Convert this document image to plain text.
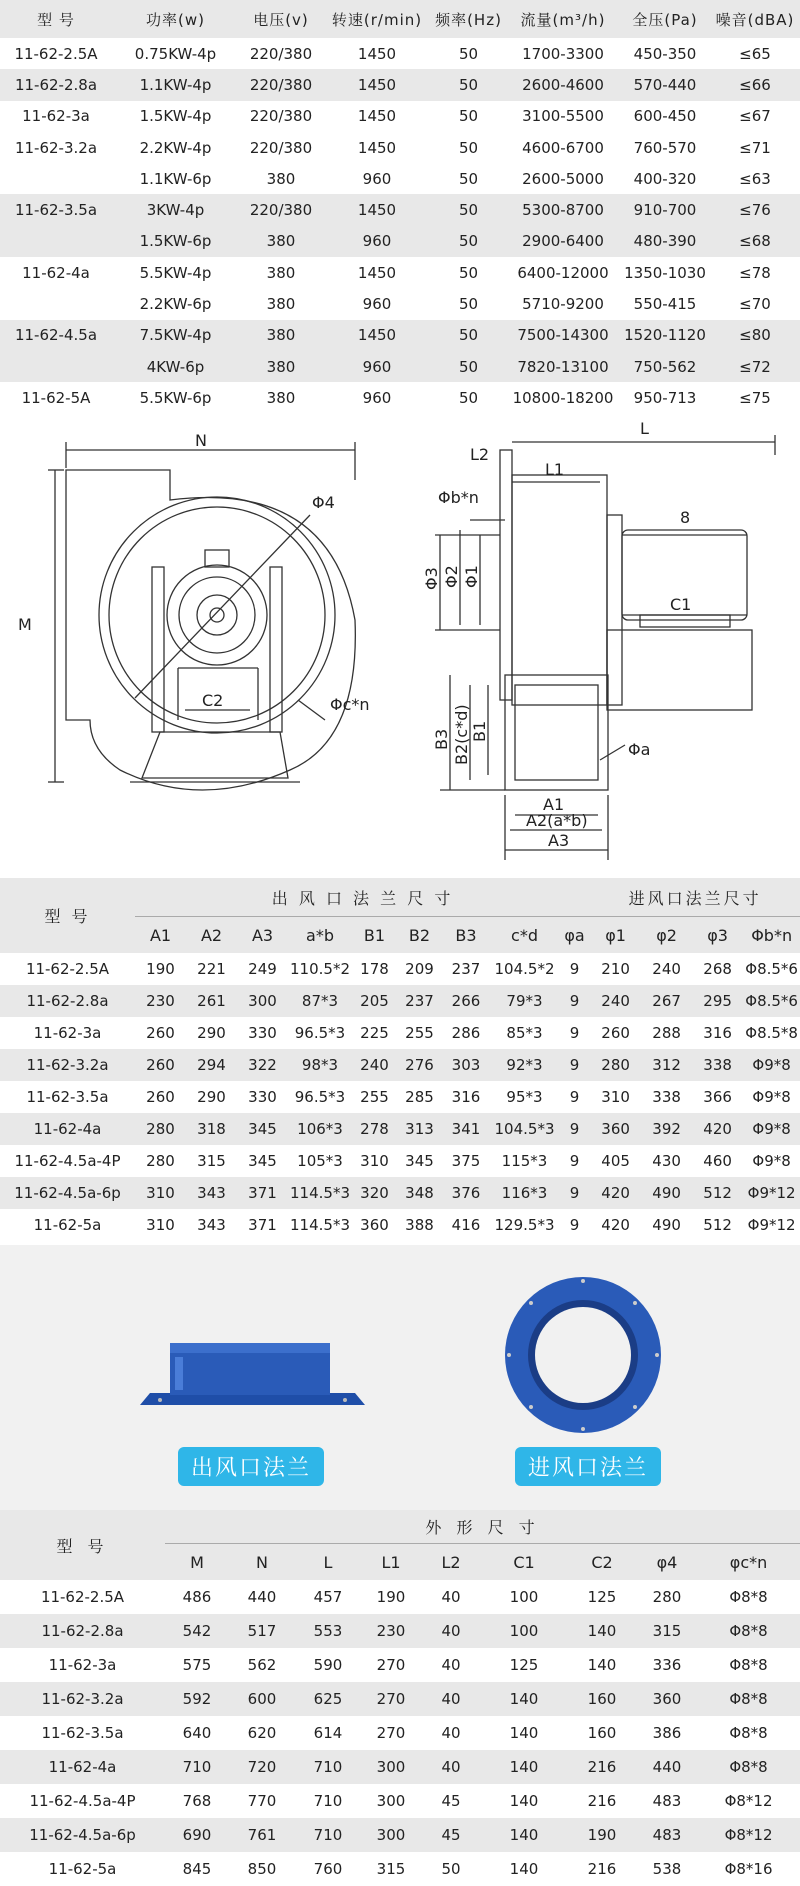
型 号	功率(w)	电压(v)	转速(r/min)	频率(Hz)	流量(m³/h)	全压(Pa)	噪音(dBA)
11-62-2.5A	0.75KW-4p	220/380	1450	50	1700-3300	450-350	≤65
11-62-2.8a	1.1KW-4p	220/380	1450	50	2600-4600	570-440	≤66
11-62-3a	1.5KW-4p	220/380	1450	50	3100-5500	600-450	≤67
11-62-3.2a	2.2KW-4p	220/380	1450	50	4600-6700	760-570	≤71
	1.1KW-6p	380	960	50	2600-5000	400-320	≤63
11-62-3.5a	3KW-4p	220/380	1450	50	5300-8700	910-700	≤76
	1.5KW-6p	380	960	50	2900-6400	480-390	≤68
11-62-4a	5.5KW-4p	380	1450	50	6400-12000	1350-1030	≤78
	2.2KW-6p	380	960	50	5710-9200	550-415	≤70
11-62-4.5a	7.5KW-4p	380	1450	50	7500-14300	1520-1120	≤80
	4KW-6p	380	960	50	7820-13100	750-562	≤72
11-62-5A	5.5KW-6p	380	960	50	10800-18200	950-713	≤75
N
M
Φ4
C2	Φc*n
L
L2
L1
Φb*n
Φ3 Φ2 Φ1
8
C1
B3 B2(c*d) B1
Φa
A1
A2(a*b)
A3
型 号	出 风 口 法 兰 尺 寸									进风口法兰尺寸			
	A1	A2	A3	a*b	B1	B2	B3	c*d	φa	φ1	φ2	φ3	Φb*n
11-62-2.5A	190	221	249	110.5*2	178	209	237	104.5*2	9	210	240	268	Φ8.5*6
11-62-2.8a	230	261	300	87*3	205	237	266	79*3	9	240	267	295	Φ8.5*6
11-62-3a	260	290	330	96.5*3	225	255	286	85*3	9	260	288	316	Φ8.5*8
11-62-3.2a	260	294	322	98*3	240	276	303	92*3	9	280	312	338	Φ9*8
11-62-3.5a	260	290	330	96.5*3	255	285	316	95*3	9	310	338	366	Φ9*8
11-62-4a	280	318	345	106*3	278	313	341	104.5*3	9	360	392	420	Φ9*8
11-62-4.5a-4P	280	315	345	105*3	310	345	375	115*3	9	405	430	460	Φ9*8
11-62-4.5a-6p	310	343	371	114.5*3	320	348	376	116*3	9	420	490	512	Φ9*12
11-62-5a	310	343	371	114.5*3	360	388	416	129.5*3	9	420	490	512	Φ9*12
出风口法兰	进风口法兰
型 号	外 形 尺 寸								
	M	N	L	L1	L2	C1	C2	φ4	φc*n
11-62-2.5A	486	440	457	190	40	100	125	280	Φ8*8
11-62-2.8a	542	517	553	230	40	100	140	315	Φ8*8
11-62-3a	575	562	590	270	40	125	140	336	Φ8*8
11-62-3.2a	592	600	625	270	40	140	160	360	Φ8*8
11-62-3.5a	640	620	614	270	40	140	160	386	Φ8*8
11-62-4a	710	720	710	300	40	140	216	440	Φ8*8
11-62-4.5a-4P	768	770	710	300	45	140	216	483	Φ8*12
11-62-4.5a-6p	690	761	710	300	45	140	190	483	Φ8*12
11-62-5a	845	850	760	315	50	140	216	538	Φ8*16
